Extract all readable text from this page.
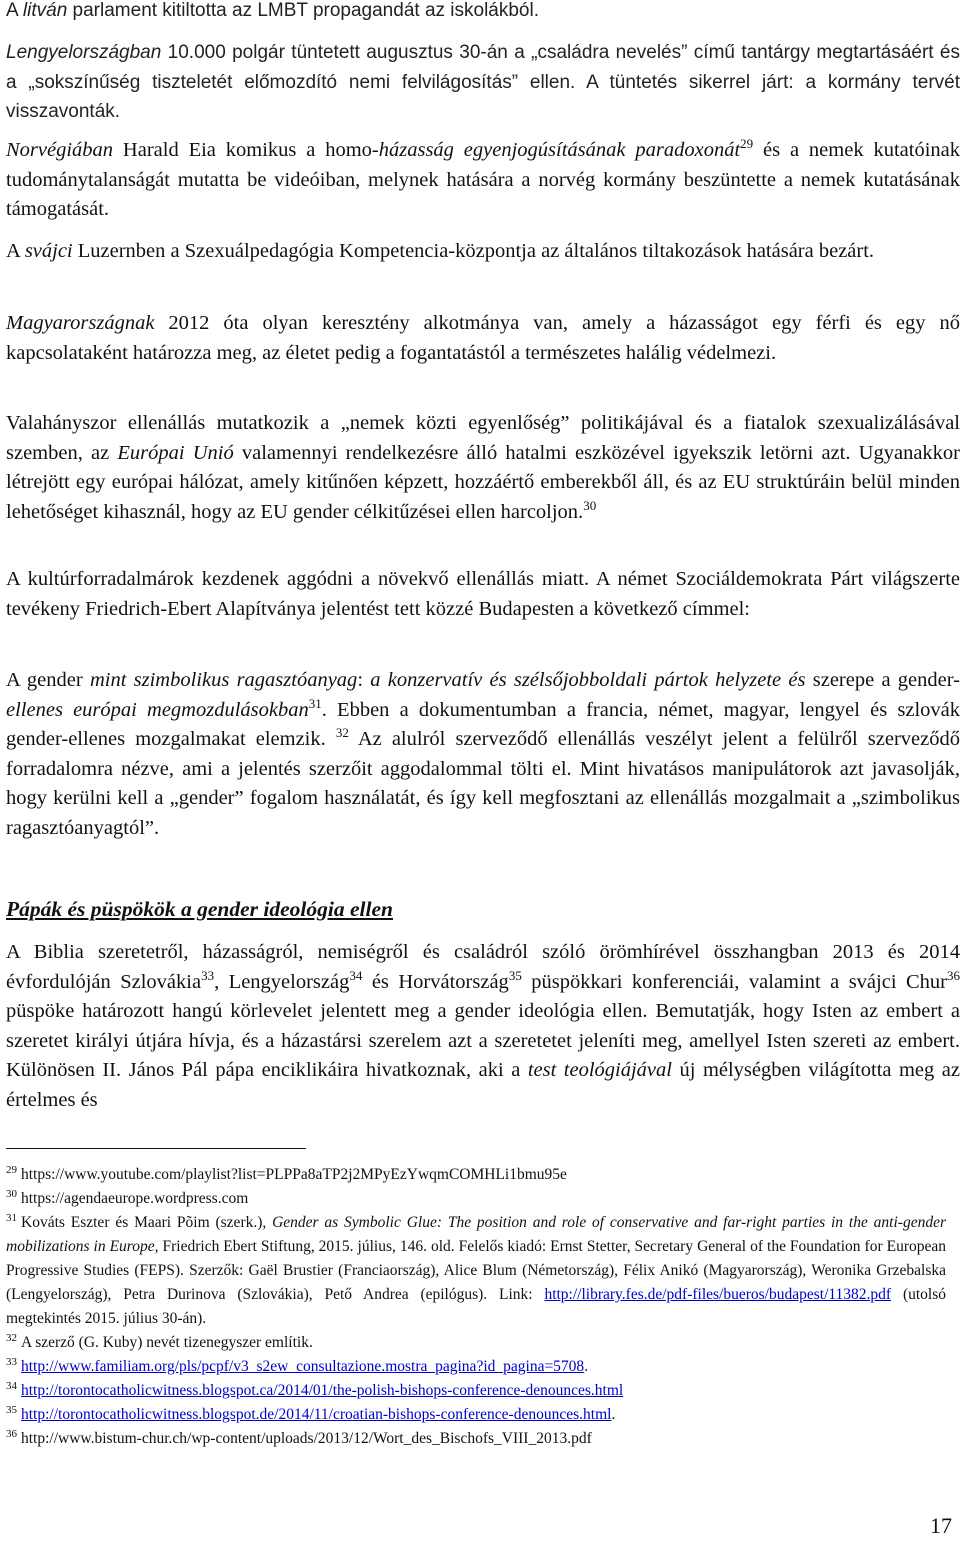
A litván parlament kitiltotta az LMBT propagandát az iskolákból.

Lengyelországban 10.000 polgár tüntetett augusztus 30-án a „családra nevelés” című tantárgy megtartásáért és a „sokszínűség tiszteletét előmozdító nemi felvilágosítás” ellen. A tüntetés sikerrel járt: a kormány tervét visszavonták.

Norvégiában Harald Eia komikus a homo-házasság egyenjogúsításának paradoxonát$^{29}$ és a nemek kutatóinak tudománytalanságát mutatta be videóiban, melynek hatására a norvég kormány beszüntette a nemek kutatásának támogatását.

A svájci Luzernben a Szexuálpedagógia Kompetencia-központja az általános tiltakozások hatására bezárt.

Magyarországnak 2012 óta olyan keresztény alkotmánya van, amely a házasságot egy férfi és egy nő kapcsolataként határozza meg, az életet pedig a fogantatástól a természetes halálig védelmezi.

Valahányszor ellenállás mutatkozik a „nemek közti egyenlőség” politikájával és a fiatalok szexualizálásával szemben, az Európai Unió valamennyi rendelkezésre álló hatalmi eszközével igyekszik letörni azt. Ugyanakkor létrejött egy európai hálózat, amely kitűnően képzett, hozzáértő emberekből áll, és az EU struktúráin belül minden lehetőséget kihasznál, hogy az EU gender célkitűzései ellen harcoljon.$^{30}$

A kultúrforradalmárok kezdenek aggódni a növekvő ellenállás miatt. A német Szociáldemokrata Párt világszerte tevékeny Friedrich-Ebert Alapítványa jelentést tett közzé Budapesten a következő címmel:

A gender mint szimbolikus ragasztóanyag: a konzervatív és szélsőjobboldali pártok helyzete és szerepe a gender-ellenes európai megmozdulásokban$^{31}$. Ebben a dokumentumban a francia, német, magyar, lengyel és szlovák gender-ellenes mozgalmakat elemzik. $^{32}$ Az alulról szerveződő ellenállás veszélyt jelent a felülről szerveződő forradalomra nézve, ami a jelentés szerzőit aggodalommal tölti el. Mint hivatásos manipulátorok azt javasolják, hogy kerülni kell a „gender” fogalom használatát, és így kell megfosztani az ellenállás mozgalmait a „szimbolikus ragasztóanyagtól”.

Pápák és püspökök a gender ideológia ellen

A Biblia szeretetről, házasságról, nemiségről és családról szóló örömhírével összhangban 2013 és 2014 évfordulóján Szlovákia$^{33}$, Lengyelország$^{34}$ és Horvátország$^{35}$ püspökkari konferenciái, valamint a svájci Chur$^{36}$ püspöke határozott hangú körlevelet jelentett meg a gender ideológia ellen. Bemutatják, hogy Isten az embert a szeretet királyi útjára hívja, és a házastársi szerelem azt a szeretetet jeleníti meg, amellyel Isten szereti az embert. Különösen II. János Pál pápa enciklikáira hivatkoznak, aki a test teológiájával új mélységben világította meg az értelmes és

$^{29}$ https://www.youtube.com/playlist?list=PLPPa8aTP2j2MPyEzYwqmCOMHLi1bmu95e

$^{30}$ https://agendaeurope.wordpress.com

$^{31}$ Kováts Eszter és Maari Põim (szerk.), Gender as Symbolic Glue: The position and role of conservative and far-right parties in the anti-gender mobilizations in Europe, Friedrich Ebert Stiftung, 2015. július, 146. old. Felelős kiadó: Ernst Stetter, Secretary General of the Foundation for European Progressive Studies (FEPS). Szerzők: Gaël Brustier (Franciaország), Alice Blum (Németország), Félix Anikó (Magyarország), Weronika Grzebalska (Lengyelország), Petra Durinova (Szlovákia), Pető Andrea (epilógus). Link: http://library.fes.de/pdf-files/bueros/budapest/11382.pdf (utolsó megtekintés 2015. július 30-án).

$^{32}$ A szerző (G. Kuby) nevét tizenegyszer említik.

$^{33}$ http://www.familiam.org/pls/pcpf/v3_s2ew_consultazione.mostra_pagina?id_pagina=5708.

$^{34}$ http://torontocatholicwitness.blogspot.ca/2014/01/the-polish-bishops-conference-denounces.html

$^{35}$ http://torontocatholicwitness.blogspot.de/2014/11/croatian-bishops-conference-denounces.html.

$^{36}$ http://www.bistum-chur.ch/wp-content/uploads/2013/12/Wort_des_Bischofs_VIII_2013.pdf

17
